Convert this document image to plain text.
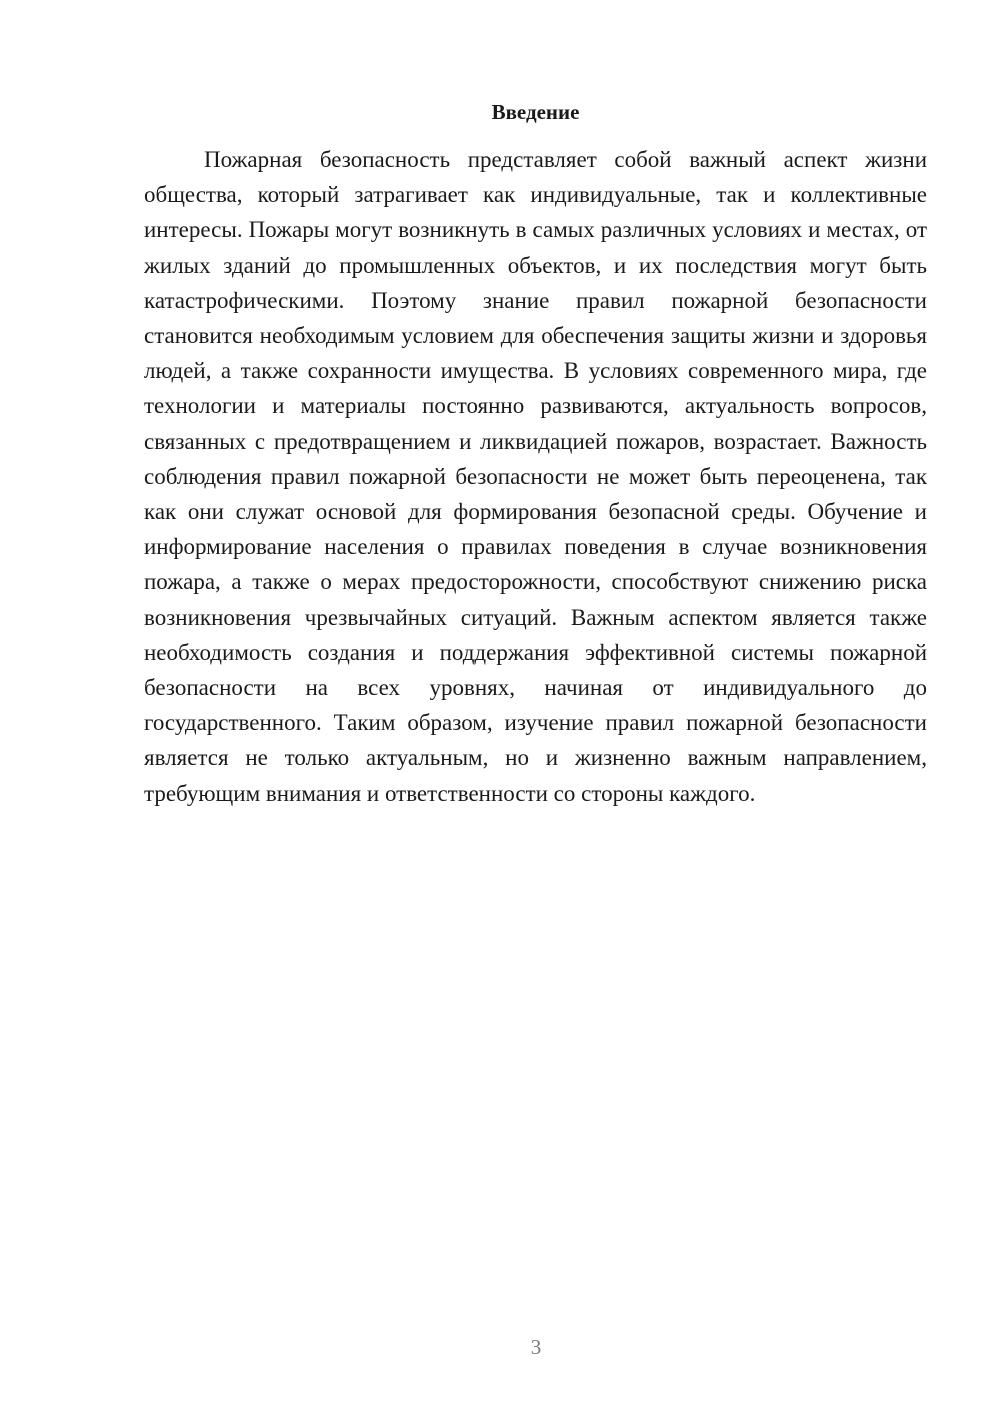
Введение

Пожарная безопасность представляет собой важный аспект жизни общества, который затрагивает как индивидуальные, так и коллективные интересы. Пожары могут возникнуть в самых различных условиях и местах, от жилых зданий до промышленных объектов, и их последствия могут быть катастрофическими. Поэтому знание правил пожарной безопасности становится необходимым условием для обеспечения защиты жизни и здоровья людей, а также сохранности имущества. В условиях современного мира, где технологии и материалы постоянно развиваются, актуальность вопросов, связанных с предотвращением и ликвидацией пожаров, возрастает. Важность соблюдения правил пожарной безопасности не может быть переоценена, так как они служат основой для формирования безопасной среды. Обучение и информирование населения о правилах поведения в случае возникновения пожара, а также о мерах предосторожности, способствуют снижению риска возникновения чрезвычайных ситуаций. Важным аспектом является также необходимость создания и поддержания эффективной системы пожарной безопасности на всех уровнях, начиная от индивидуального до государственного. Таким образом, изучение правил пожарной безопасности является не только актуальным, но и жизненно важным направлением, требующим внимания и ответственности со стороны каждого.

3
